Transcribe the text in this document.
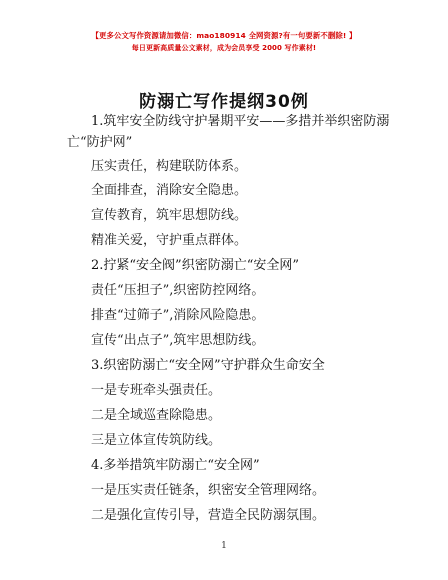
【更多公文写作资源请加微信：mao180914 全网资源?有一句要新不删除! 】
每日更新高质量公文素材，成为会员享受 2000 写作素材!
防溺亡写作提纲30例
1.筑牢安全防线守护暑期平安——多措并举织密防溺
亡“防护网”
压实责任，构建联防体系。
全面排查，消除安全隐患。
宣传教育，筑牢思想防线。
精准关爱，守护重点群体。
2.拧紧“安全阀”织密防溺亡“安全网”
责任“压担子”,织密防控网络。
排查“过筛子”,消除风险隐患。
宣传“出点子”,筑牢思想防线。
3.织密防溺亡“安全网”守护群众生命安全
一是专班牵头强责任。
二是全域巡查除隐患。
三是立体宣传筑防线。
4.多举措筑牢防溺亡“安全网”
一是压实责任链条，织密安全管理网络。
二是强化宣传引导，营造全民防溺氛围。
1
